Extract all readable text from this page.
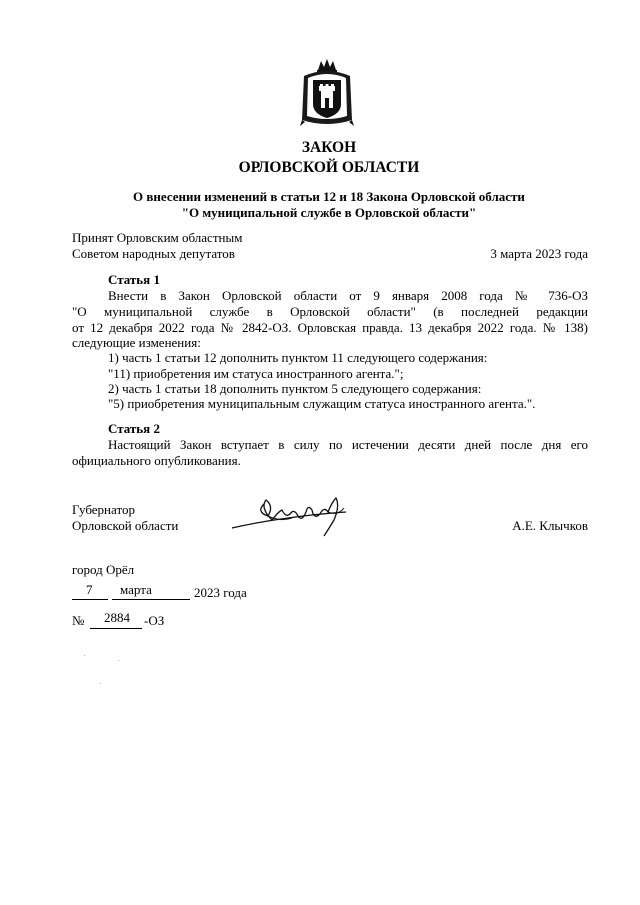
ЗАКОН
ОРЛОВСКОЙ ОБЛАСТИ
О внесении изменений в статьи 12 и 18 Закона Орловской области
"О муниципальной службе в Орловской области"
Принят Орловским областным
Советом народных депутатов	3 марта 2023 года
Статья 1
Внести в Закон Орловской области от 9 января 2008 года № 736-ОЗ
"О муниципальной службе в Орловской области" (в последней редакции
от 12 декабря 2022 года № 2842-ОЗ. Орловская правда. 13 декабря 2022 года. № 138)
следующие изменения:
1) часть 1 статьи 12 дополнить пунктом 11 следующего содержания:
"11) приобретения им статуса иностранного агента.";
2) часть 1 статьи 18 дополнить пунктом 5 следующего содержания:
"5) приобретения муниципальным служащим статуса иностранного агента.".
Статья 2
Настоящий Закон вступает в силу по истечении десяти дней после дня его
официального опубликования.
Губернатор
Орловской области	А.Е. Клычков
город Орёл
7 марта	2023 года
№ 2884 -ОЗ
